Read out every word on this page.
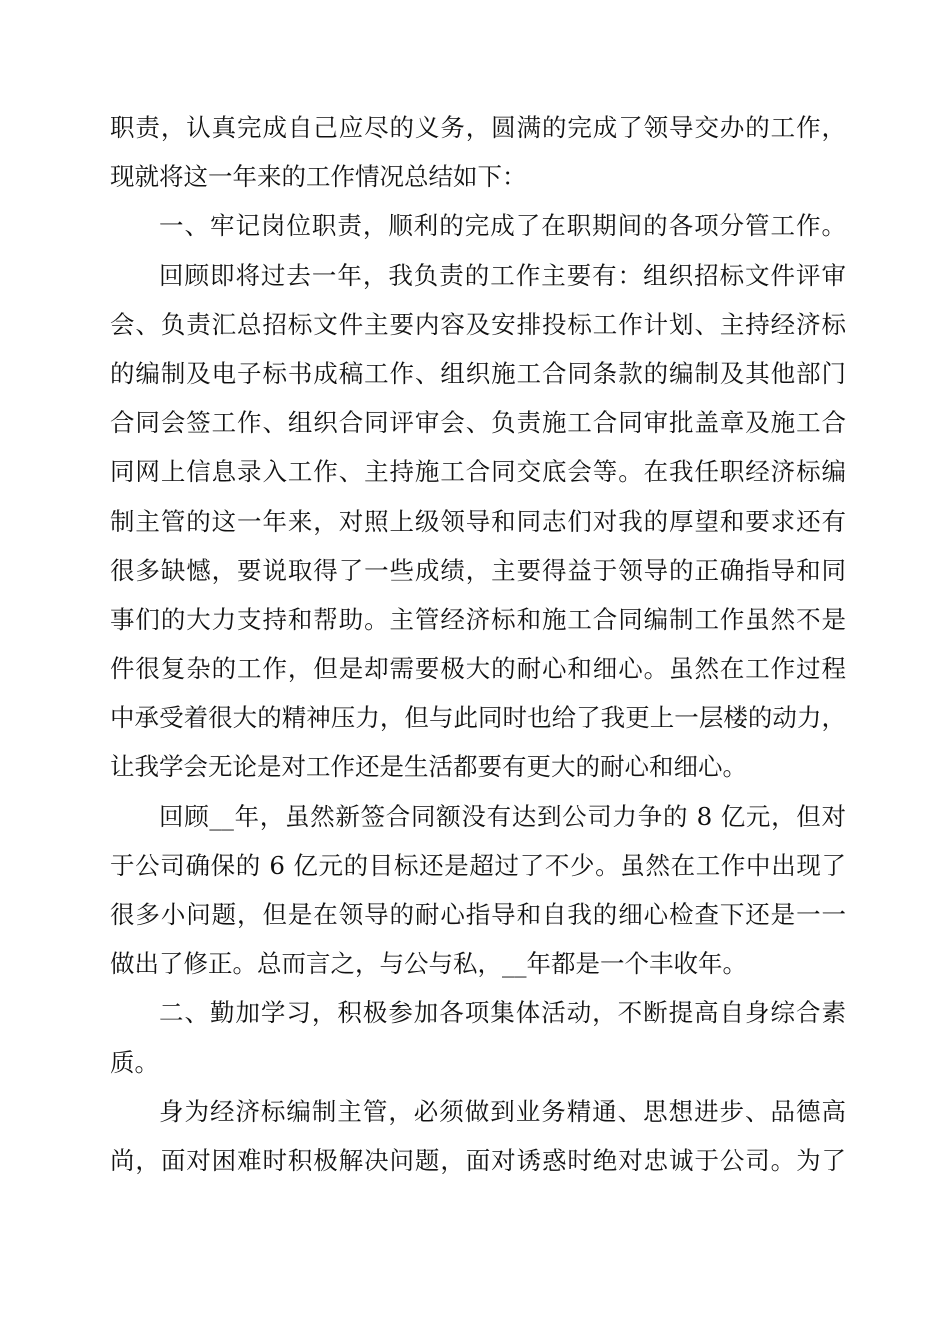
职责，认真完成自己应尽的义务，圆满的完成了领导交办的工作，
现就将这一年来的工作情况总结如下：
一、牢记岗位职责，顺利的完成了在职期间的各项分管工作。
回顾即将过去一年，我负责的工作主要有：组织招标文件评审
会、负责汇总招标文件主要内容及安排投标工作计划、主持经济标
的编制及电子标书成稿工作、组织施工合同条款的编制及其他部门
合同会签工作、组织合同评审会、负责施工合同审批盖章及施工合
同网上信息录入工作、主持施工合同交底会等。在我任职经济标编
制主管的这一年来，对照上级领导和同志们对我的厚望和要求还有
很多缺憾，要说取得了一些成绩，主要得益于领导的正确指导和同
事们的大力支持和帮助。主管经济标和施工合同编制工作虽然不是
件很复杂的工作，但是却需要极大的耐心和细心。虽然在工作过程
中承受着很大的精神压力，但与此同时也给了我更上一层楼的动力，
让我学会无论是对工作还是生活都要有更大的耐心和细心。
回顾__年，虽然新签合同额没有达到公司力争的 8 亿元，但对
于公司确保的 6 亿元的目标还是超过了不少。虽然在工作中出现了
很多小问题，但是在领导的耐心指导和自我的细心检查下还是一一
做出了修正。总而言之，与公与私，__年都是一个丰收年。
二、勤加学习，积极参加各项集体活动，不断提高自身综合素
质。
身为经济标编制主管，必须做到业务精通、思想进步、品德高
尚，面对困难时积极解决问题，面对诱惑时绝对忠诚于公司。为了
